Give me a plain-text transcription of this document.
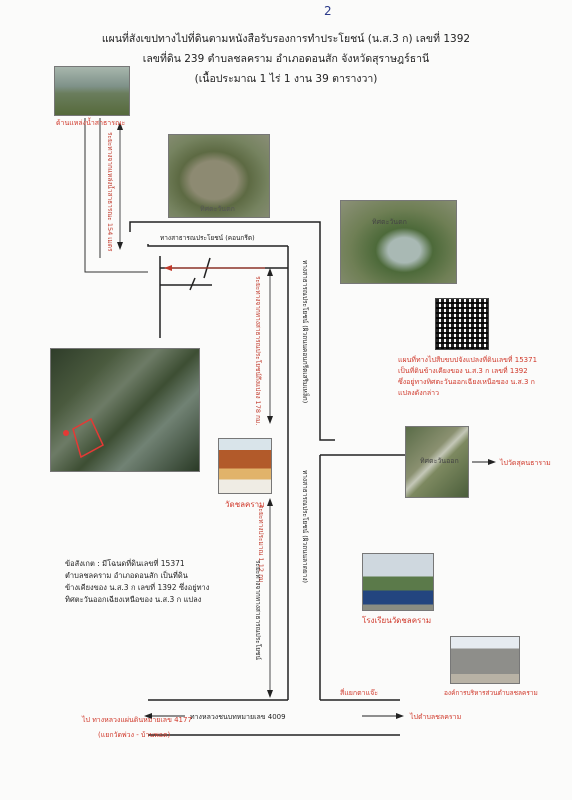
2
แผนที่สังเขปทางไปที่ดินตามหนังสือรับรองการทำประโยชน์ (น.ส.3 ก) เลขที่ 1392
เลขที่ดิน 239 ตำบลชลคราม อำเภอดอนสัก จังหวัดสุราษฎร์ธานี
(เนื้อประมาณ 1 ไร่ 1 งาน 39 ตารางวา)
ด้านแหล่งน้ำสาธารณะ
ทิศตะวันตก
ทิศตะวันตก
ทางสาธารณประโยชน์ (คอนกรีต)
ระยะทางจากแหล่งน้ำสาธารณะ 154 เมตร
ระยะทางจากทางสาธารณประโยชน์ถึงแปลง 178 กม.	ทางสาธารณประโยชน์ (ผิวถนนคอนกรีตเสริมเหล็ก)
ทางสาธารณประโยชน์ (ผิวถนนลาดยาง)
ระยะทางประมาณ 1.12 กม.
ระยะทางจากทางสาธารณประโยชน์
แผนที่ทางไปสืบขบปจังแปลงที่ดินเลขที่ 15371
เป็นที่ดินข้างเคียงของ น.ส.3 ก เลขที่ 1392
ซึ่งอยู่ทางทิศตะวันออกเฉียงเหนือของ น.ส.3 ก
แปลงดังกล่าว
วัดชลคราม
ทิศตะวันออก	ไปวัดสุคนธาราม
ข้อสังเกต : มีโฉนดที่ดินเลขที่ 15371
ตำบลชลคราม อำเภอดอนสัก เป็นที่ดิน
ข้างเคียงของ น.ส.3 ก เลขที่ 1392 ซึ่งอยู่ทาง
ทิศตะวันออกเฉียงเหนือของ น.ส.3 ก แปลง
โรงเรียนวัดชลคราม
องค์การบริหารส่วนตำบลชลคราม
สี่แยกตาแจ๊ะ
ทางหลวงชนบทหมายเลข 4009
ไป ทางหลวงแผ่นดินหมายเลข 4177
(แยกวัดพ่วง - บ้านพอต)
ไปตำบลชลคราม
